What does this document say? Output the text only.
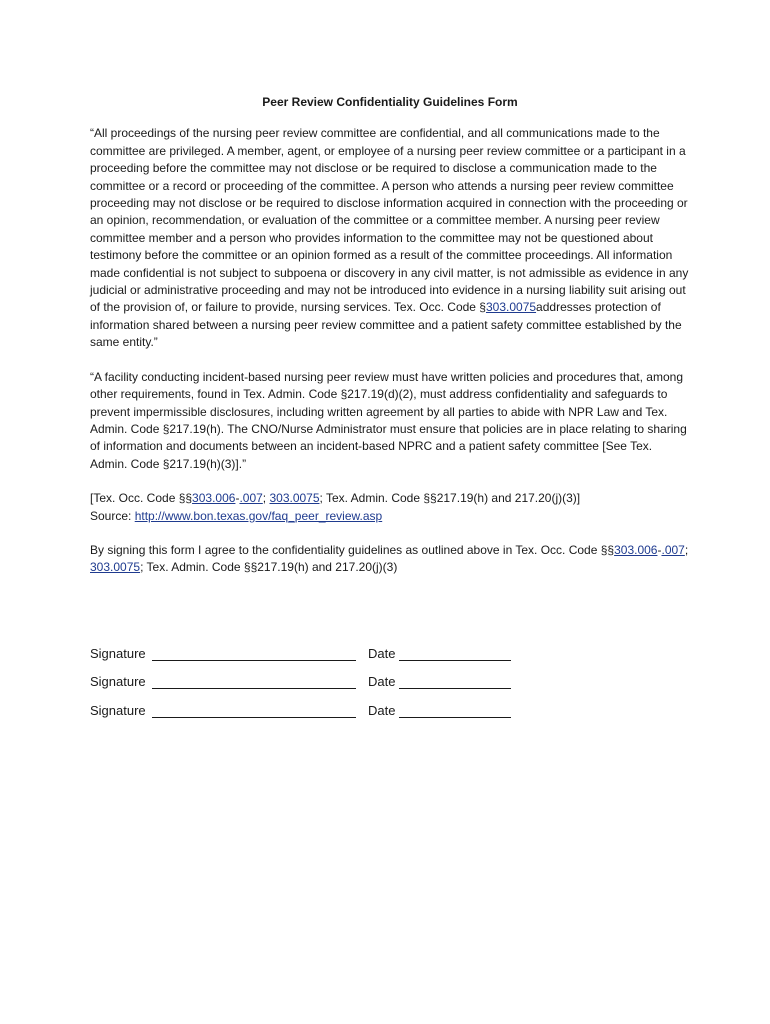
Peer Review Confidentiality Guidelines Form

“All proceedings of the nursing peer review committee are confidential, and all communications made to the committee are privileged. A member, agent, or employee of a nursing peer review committee or a participant in a proceeding before the committee may not disclose or be required to disclose a communication made to the committee or a record or proceeding of the committee. A person who attends a nursing peer review committee proceeding may not disclose or be required to disclose information acquired in connection with the proceeding or an opinion, recommendation, or evaluation of the committee or a committee member. A nursing peer review committee member and a person who provides information to the committee may not be questioned about testimony before the committee or an opinion formed as a result of the committee proceedings. All information made confidential is not subject to subpoena or discovery in any civil matter, is not admissible as evidence in any judicial or administrative proceeding and may not be introduced into evidence in a nursing liability suit arising out of the provision of, or failure to provide, nursing services. Tex. Occ. Code §303.0075addresses protection of information shared between a nursing peer review committee and a patient safety committee established by the same entity.”

“A facility conducting incident-based nursing peer review must have written policies and procedures that, among other requirements, found in Tex. Admin. Code §217.19(d)(2), must address confidentiality and safeguards to prevent impermissible disclosures, including written agreement by all parties to abide with NPR Law and Tex. Admin. Code §217.19(h). The CNO/Nurse Administrator must ensure that policies are in place relating to sharing of information and documents between an incident-based NPRC and a patient safety committee [See Tex. Admin. Code §217.19(h)(3)].”

[Tex. Occ. Code §§303.006-.007; 303.0075; Tex. Admin. Code §§217.19(h) and 217.20(j)(3)]
Source: http://www.bon.texas.gov/faq_peer_review.asp

By signing this form I agree to the confidentiality guidelines as outlined above in Tex. Occ. Code §§303.006-.007; 303.0075; Tex. Admin. Code §§217.19(h) and 217.20(j)(3)

Signature	Date
Signature	Date
Signature	Date
